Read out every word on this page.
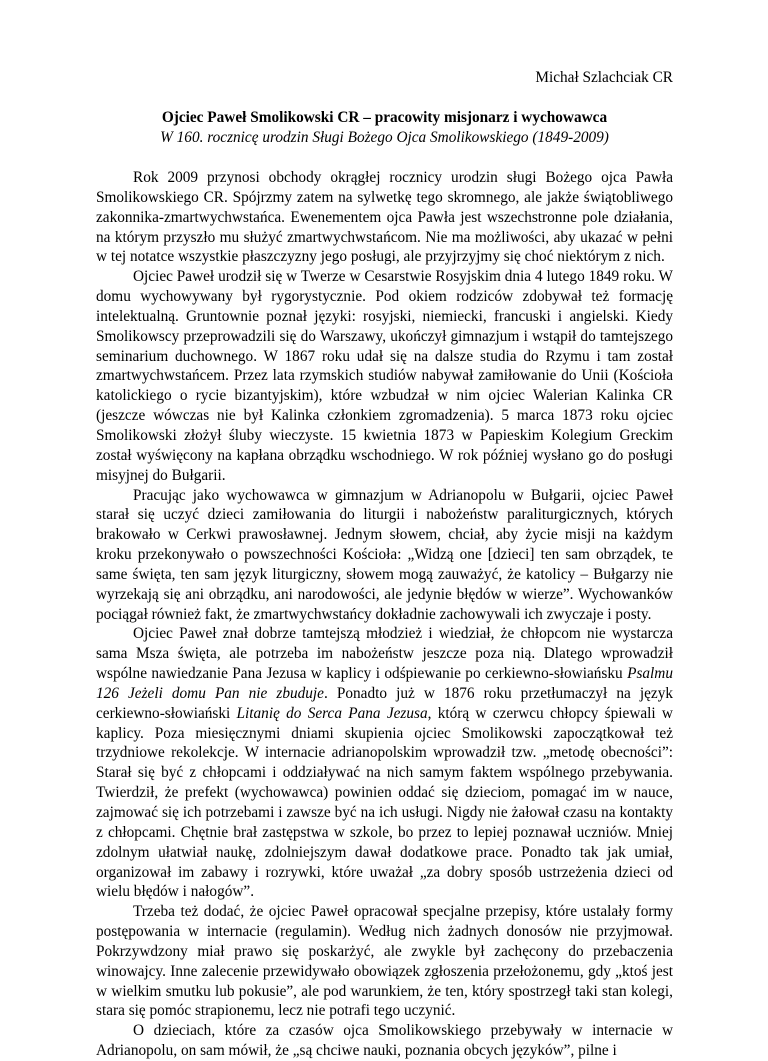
Michał Szlachciak CR

Ojciec Paweł Smolikowski CR – pracowity misjonarz i wychowawca

W 160. rocznicę urodzin Sługi Bożego Ojca Smolikowskiego (1849-2009)

Rok 2009 przynosi obchody okrągłej rocznicy urodzin sługi Bożego ojca Pawła Smolikowskiego CR. Spójrzmy zatem na sylwetkę tego skromnego, ale jakże świątobliwego zakonnika-zmartwychwstańca. Ewenementem ojca Pawła jest wszechstronne pole działania, na którym przyszło mu służyć zmartwychwstańcom. Nie ma możliwości, aby ukazać w pełni w tej notatce wszystkie płaszczyzny jego posługi, ale przyjrzyjmy się choć niektórym z nich.

Ojciec Paweł urodził się w Twerze w Cesarstwie Rosyjskim dnia 4 lutego 1849 roku. W domu wychowywany był rygorystycznie. Pod okiem rodziców zdobywał też formację intelektualną. Gruntownie poznał języki: rosyjski, niemiecki, francuski i angielski. Kiedy Smolikowscy przeprowadzili się do Warszawy, ukończył gimnazjum i wstąpił do tamtejszego seminarium duchownego. W 1867 roku udał się na dalsze studia do Rzymu i tam został zmartwychwstańcem. Przez lata rzymskich studiów nabywał zamiłowanie do Unii (Kościoła katolickiego o rycie bizantyjskim), które wzbudzał w nim ojciec Walerian Kalinka CR (jeszcze wówczas nie był Kalinka członkiem zgromadzenia). 5 marca 1873 roku ojciec Smolikowski złożył śluby wieczyste. 15 kwietnia 1873 w Papieskim Kolegium Greckim został wyświęcony na kapłana obrządku wschodniego. W rok później wysłano go do posługi misyjnej do Bułgarii.

Pracując jako wychowawca w gimnazjum w Adrianopolu w Bułgarii, ojciec Paweł starał się uczyć dzieci zamiłowania do liturgii i nabożeństw paraliturgicznych, których brakowało w Cerkwi prawosławnej. Jednym słowem, chciał, aby życie misji na każdym kroku przekonywało o powszechności Kościoła: „Widzą one [dzieci] ten sam obrządek, te same święta, ten sam język liturgiczny, słowem mogą zauważyć, że katolicy – Bułgarzy nie wyrzekają się ani obrządku, ani narodowości, ale jedynie błędów w wierze”. Wychowanków pociągał również fakt, że zmartwychwstańcy dokładnie zachowywali ich zwyczaje i posty.

Ojciec Paweł znał dobrze tamtejszą młodzież i wiedział, że chłopcom nie wystarcza sama Msza święta, ale potrzeba im nabożeństw jeszcze poza nią. Dlatego wprowadził wspólne nawiedzanie Pana Jezusa w kaplicy i odśpiewanie po cerkiewno-słowiańsku Psalmu 126 Jeżeli domu Pan nie zbuduje. Ponadto już w 1876 roku przetłumaczył na język cerkiewno-słowiański Litanię do Serca Pana Jezusa, którą w czerwcu chłopcy śpiewali w kaplicy. Poza miesięcznymi dniami skupienia ojciec Smolikowski zapoczątkował też trzydniowe rekolekcje. W internacie adrianopolskim wprowadził tzw. „metodę obecności”: Starał się być z chłopcami i oddziaływać na nich samym faktem wspólnego przebywania. Twierdził, że prefekt (wychowawca) powinien oddać się dzieciom, pomagać im w nauce, zajmować się ich potrzebami i zawsze być na ich usługi. Nigdy nie żałował czasu na kontakty z chłopcami. Chętnie brał zastępstwa w szkole, bo przez to lepiej poznawał uczniów. Mniej zdolnym ułatwiał naukę, zdolniejszym dawał dodatkowe prace. Ponadto tak jak umiał, organizował im zabawy i rozrywki, które uważał „za dobry sposób ustrzeżenia dzieci od wielu błędów i nałogów”.

Trzeba też dodać, że ojciec Paweł opracował specjalne przepisy, które ustalały formy postępowania w internacie (regulamin). Według nich żadnych donosów nie przyjmował. Pokrzywdzony miał prawo się poskarżyć, ale zwykle był zachęcony do przebaczenia winowajcy. Inne zalecenie przewidywało obowiązek zgłoszenia przełożonemu, gdy „ktoś jest w wielkim smutku lub pokusie”, ale pod warunkiem, że ten, który spostrzegł taki stan kolegi, stara się pomóc strapionemu, lecz nie potrafi tego uczynić.

O dzieciach, które za czasów ojca Smolikowskiego przebywały w internacie w Adrianopolu, on sam mówił, że „są chciwe nauki, poznania obcych języków”, pilne i
